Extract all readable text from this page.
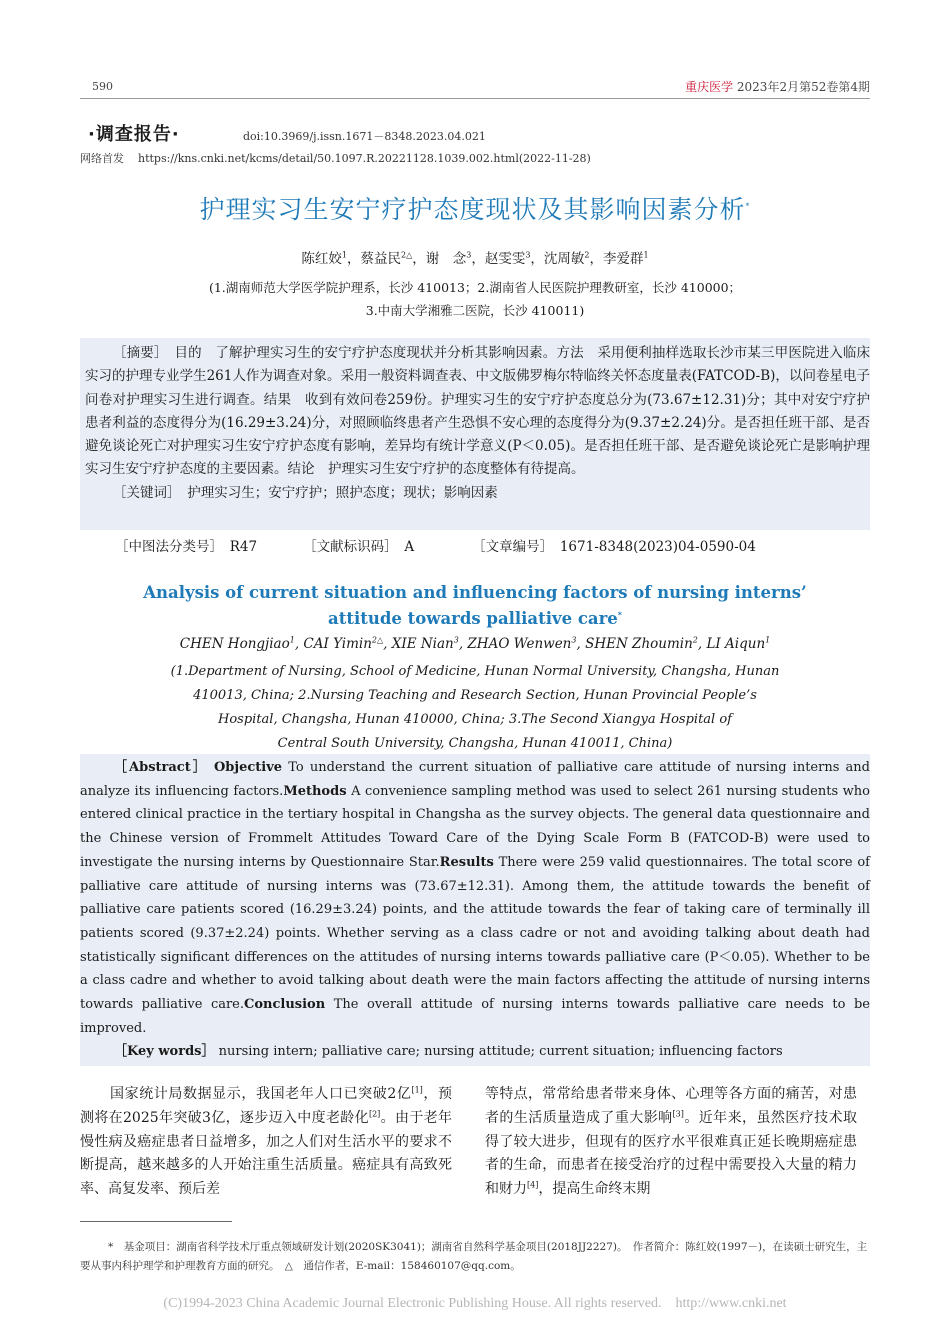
590	重庆医学 2023年2月第52卷第4期
·调查报告·	doi:10.3969/j.issn.1671－8348.2023.04.021
网络首发 https://kns.cnki.net/kcms/detail/50.1097.R.20221128.1039.002.html(2022-11-28)
护理实习生安宁疗护态度现状及其影响因素分析*
陈红姣$^1$，蔡益民$^{2\triangle}$，谢　念$^3$，赵雯雯$^3$，沈周敏$^2$，李爱群$^1$
(1.湖南师范大学医学院护理系，长沙 410013；2.湖南省人民医院护理教研室，长沙 410000；
3.中南大学湘雅二医院，长沙 410011)

［摘要］　 目的　了解护理实习生的安宁疗护态度现状并分析其影响因素。方法　采用便利抽样选取长沙市某三甲医院进入临床实习的护理专业学生261人作为调查对象。采用一般资料调查表、中文版佛罗梅尔特临终关怀态度量表(FATCOD-B)，以问卷星电子问卷对护理实习生进行调查。结果　收到有效问卷259份。护理实习生的安宁疗护态度总分为(73.67±12.31)分；其中对安宁疗护患者利益的态度得分为(16.29±3.24)分，对照顾临终患者产生恐惧不安心理的态度得分为(9.37±2.24)分。是否担任班干部、是否避免谈论死亡对护理实习生安宁疗护态度有影响，差异均有统计学意义(P＜0.05)。是否担任班干部、是否避免谈论死亡是影响护理实习生安宁疗护态度的主要因素。结论　护理实习生安宁疗护的态度整体有待提高。

［关键词］　 护理实习生；安宁疗护；照护态度；现状；影响因素

［中图法分类号］　 R47	［文献标识码］　 A	［文章编号］　 1671-8348(2023)04-0590-04
Analysis of current situation and influencing factors of nursing interns’
attitude towards palliative care*
CHEN Hongjiao$^1$, CAI Yimin$^{2\triangle}$, XIE Nian$^3$, ZHAO Wenwen$^3$, SHEN Zhoumin$^2$, LI Aiqun$^1$
(1.Department of Nursing, School of Medicine, Hunan Normal University, Changsha, Hunan
410013, China; 2.Nursing Teaching and Research Section, Hunan Provincial People’s
Hospital, Changsha, Hunan 410000, China; 3.The Second Xiangya Hospital of
Central South University, Changsha, Hunan 410011, China)

［Abstract］ Objective To understand the current situation of palliative care attitude of nursing interns and analyze its influencing factors.Methods A convenience sampling method was used to select 261 nursing students who entered clinical practice in the tertiary hospital in Changsha as the survey objects. The general data questionnaire and the Chinese version of Frommelt Attitudes Toward Care of the Dying Scale Form B (FATCOD-B) were used to investigate the nursing interns by Questionnaire Star.Results There were 259 valid questionnaires. The total score of palliative care attitude of nursing interns was (73.67±12.31). Among them, the attitude towards the benefit of palliative care patients scored (16.29±3.24) points, and the attitude towards the fear of taking care of terminally ill patients scored (9.37±2.24) points. Whether serving as a class cadre or not and avoiding talking about death had statistically significant differences on the attitudes of nursing interns towards palliative care (P＜0.05). Whether to be a class cadre and whether to avoid talking about death were the main factors affecting the attitude of nursing interns towards palliative care.Conclusion The overall attitude of nursing interns towards palliative care needs to be improved.

［Key words］ nursing intern; palliative care; nursing attitude; current situation; influencing factors

国家统计局数据显示，我国老年人口已突破2亿[1]，预测将在2025年突破3亿，逐步迈入中度老龄化[2]。由于老年慢性病及癌症患者日益增多，加之人们对生活水平的要求不断提高，越来越多的人开始注重生活质量。癌症具有高致死率、高复发率、预后差

等特点，常常给患者带来身体、心理等各方面的痛苦，对患者的生活质量造成了重大影响[3]。近年来，虽然医疗技术取得了较大进步，但现有的医疗水平很难真正延长晚期癌症患者的生命，而患者在接受治疗的过程中需要投入大量的精力和财力[4]，提高生命终末期

*　 基金项目：湖南省科学技术厅重点领域研发计划(2020SK3041)；湖南省自然科学基金项目(2018JJ2227)。　作者简介：陈红姣(1997－)，在读硕士研究生，主要从事内科护理学和护理教育方面的研究。　 △　 通信作者，E-mail：158460107@qq.com。

(C)1994-2023 China Academic Journal Electronic Publishing House. All rights reserved.    http://www.cnki.net
